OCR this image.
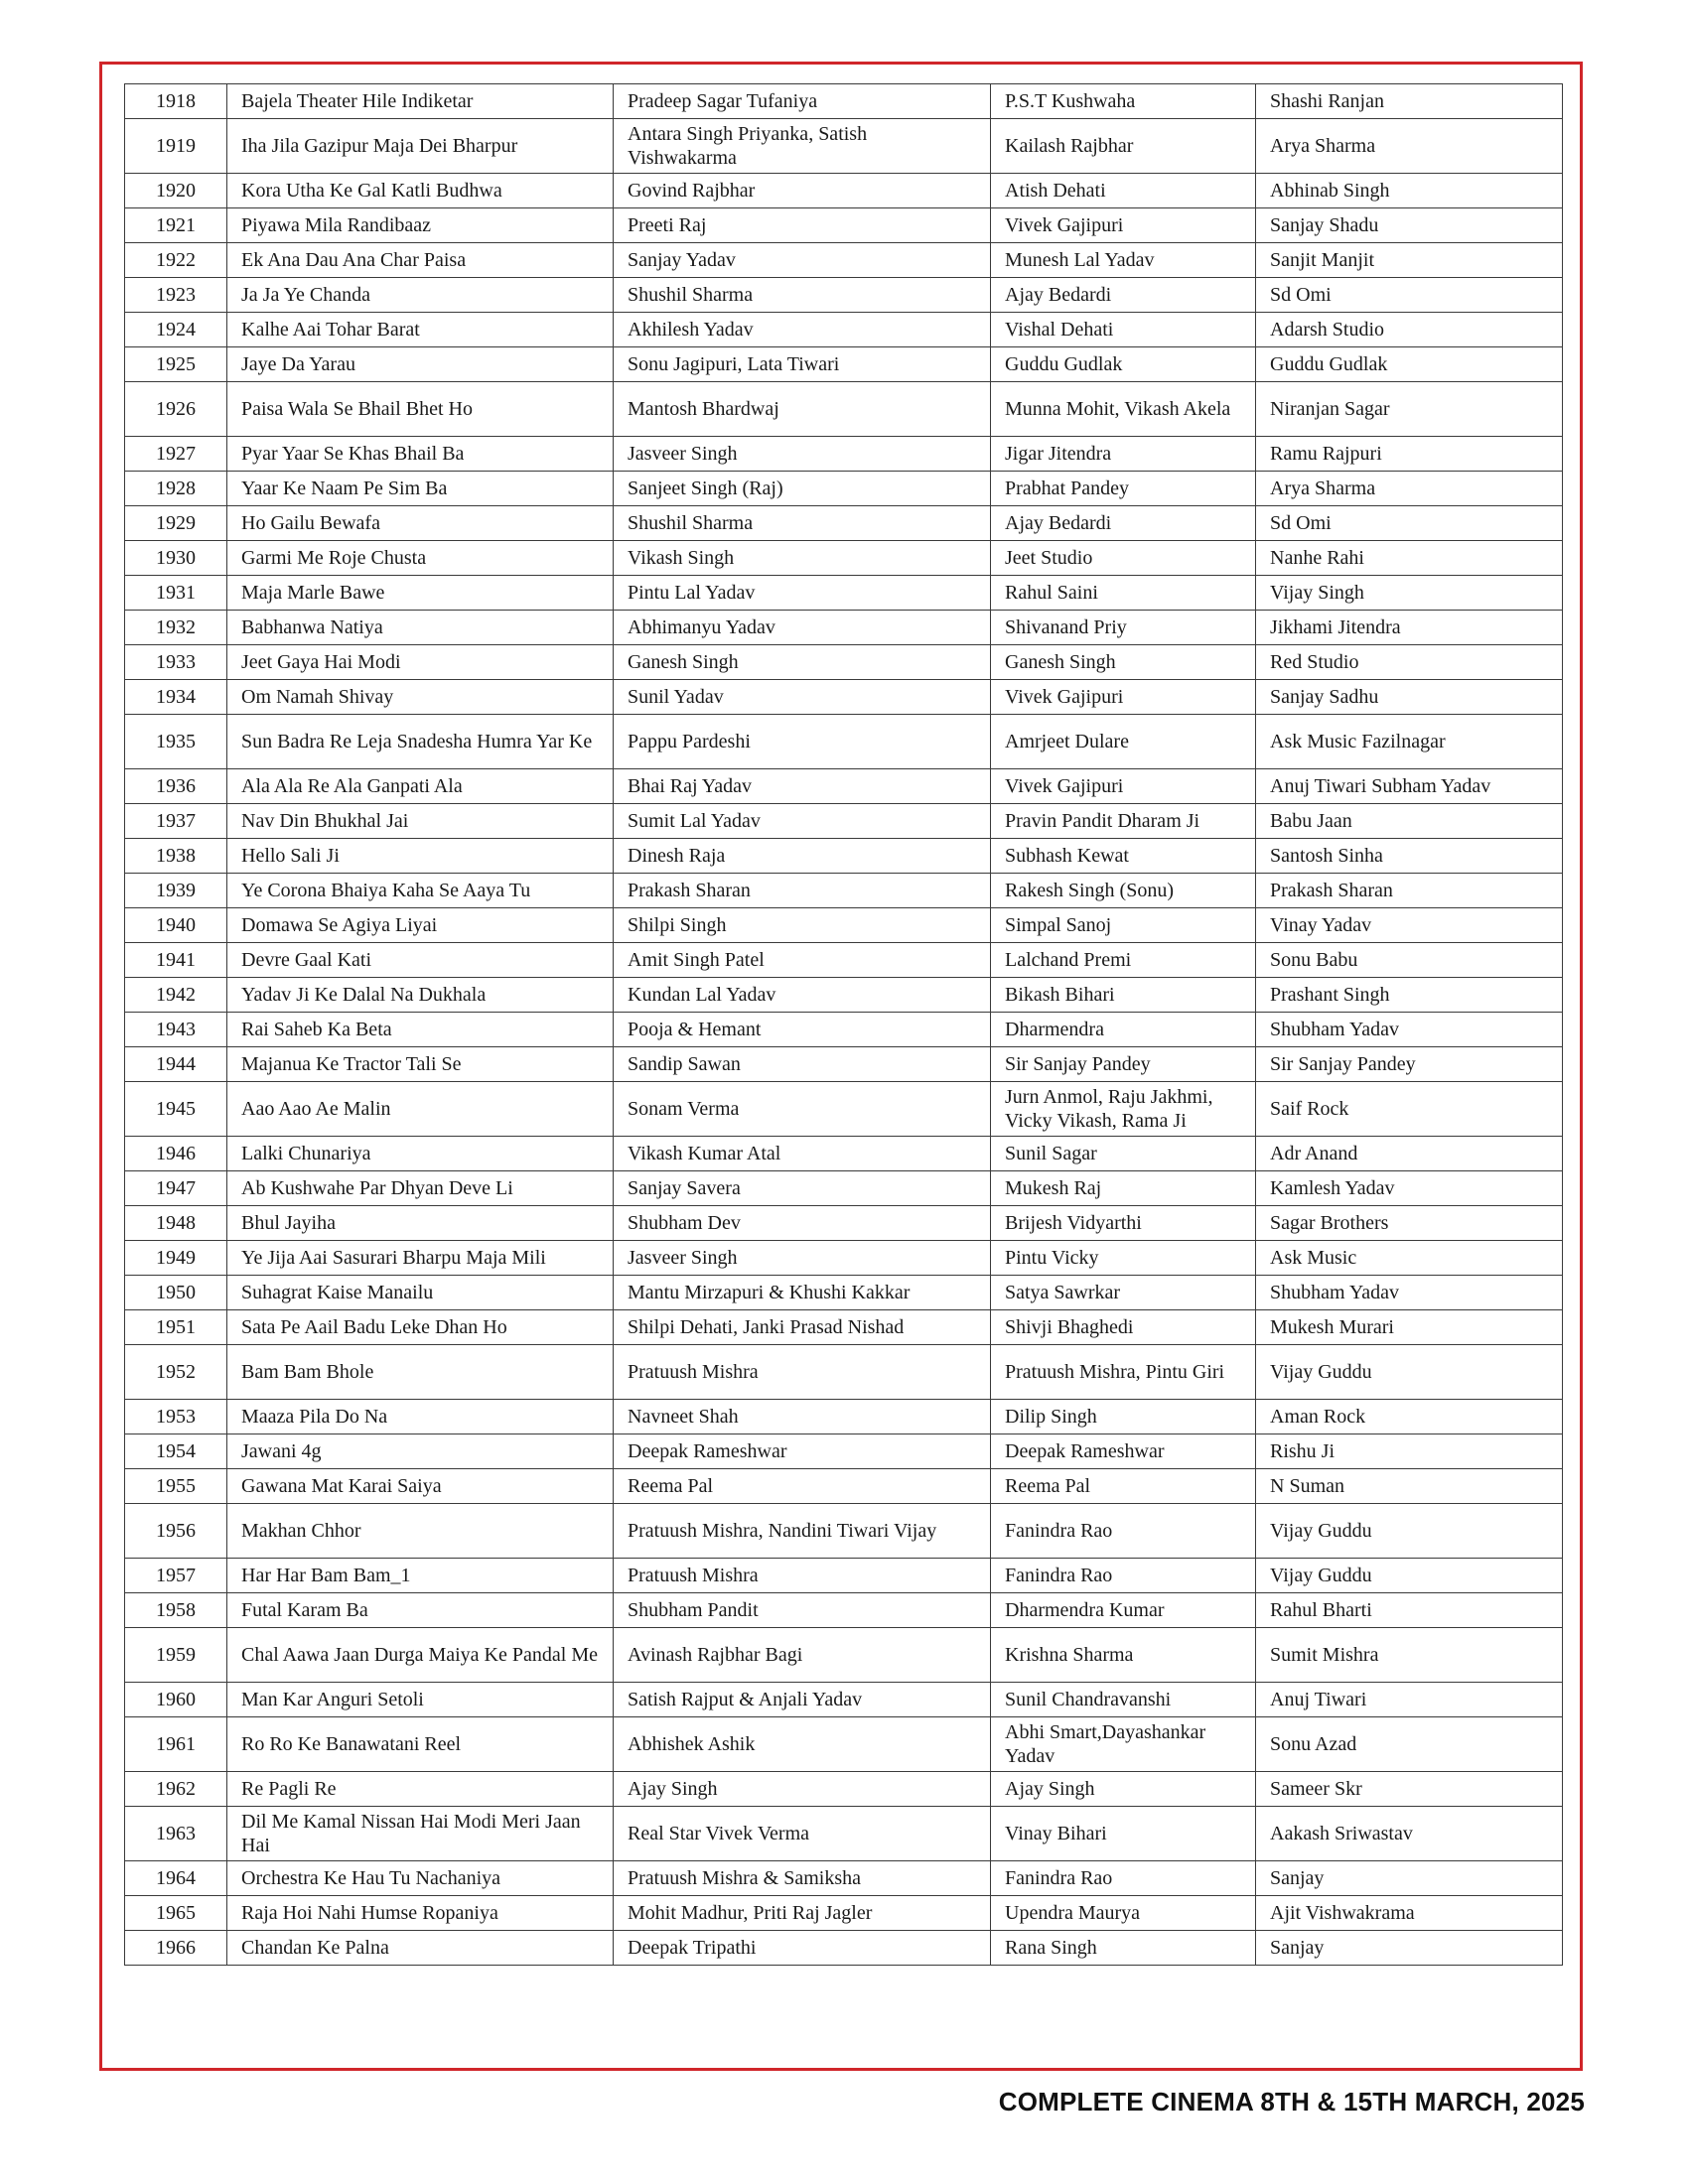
1918	Bajela Theater Hile Indiketar	Pradeep Sagar Tufaniya	P.S.T Kushwaha	Shashi Ranjan
1919	Iha Jila Gazipur Maja Dei Bharpur	Antara Singh Priyanka, Satish Vishwakarma	Kailash Rajbhar	Arya Sharma
1920	Kora Utha Ke Gal Katli Budhwa	Govind Rajbhar	Atish Dehati	Abhinab Singh
1921	Piyawa Mila Randibaaz	Preeti Raj	Vivek Gajipuri	Sanjay Shadu
1922	Ek Ana Dau Ana Char Paisa	Sanjay Yadav	Munesh Lal Yadav	Sanjit Manjit
1923	Ja Ja Ye Chanda	Shushil Sharma	Ajay Bedardi	Sd Omi
1924	Kalhe Aai Tohar Barat	Akhilesh Yadav	Vishal Dehati	Adarsh Studio
1925	Jaye Da Yarau	Sonu Jagipuri, Lata Tiwari	Guddu Gudlak	Guddu Gudlak
1926	Paisa Wala Se Bhail Bhet Ho	Mantosh Bhardwaj	Munna Mohit, Vikash Akela	Niranjan Sagar
1927	Pyar Yaar Se Khas Bhail Ba	Jasveer Singh	Jigar Jitendra	Ramu Rajpuri
1928	Yaar Ke Naam Pe Sim Ba	Sanjeet Singh (Raj)	Prabhat Pandey	Arya Sharma
1929	Ho Gailu Bewafa	Shushil Sharma	Ajay Bedardi	Sd Omi
1930	Garmi Me Roje Chusta	Vikash Singh	Jeet Studio	Nanhe Rahi
1931	Maja Marle Bawe	Pintu Lal Yadav	Rahul Saini	Vijay Singh
1932	Babhanwa Natiya	Abhimanyu Yadav	Shivanand Priy	Jikhami Jitendra
1933	Jeet Gaya Hai Modi	Ganesh Singh	Ganesh Singh	Red Studio
1934	Om Namah Shivay	Sunil Yadav	Vivek Gajipuri	Sanjay Sadhu
1935	Sun Badra Re Leja Snadesha Humra Yar Ke	Pappu Pardeshi	Amrjeet Dulare	Ask Music Fazilnagar
1936	Ala Ala Re Ala Ganpati Ala	Bhai Raj Yadav	Vivek Gajipuri	Anuj Tiwari Subham Yadav
1937	Nav Din Bhukhal Jai	Sumit Lal Yadav	Pravin Pandit Dharam Ji	Babu Jaan
1938	Hello Sali Ji	Dinesh Raja	Subhash Kewat	Santosh Sinha
1939	Ye Corona Bhaiya Kaha Se Aaya Tu	Prakash Sharan	Rakesh Singh (Sonu)	Prakash Sharan
1940	Domawa Se Agiya Liyai	Shilpi Singh	Simpal Sanoj	Vinay Yadav
1941	Devre Gaal Kati	Amit Singh Patel	Lalchand Premi	Sonu Babu
1942	Yadav Ji Ke Dalal Na Dukhala	Kundan Lal Yadav	Bikash Bihari	Prashant Singh
1943	Rai Saheb Ka Beta	Pooja & Hemant	Dharmendra	Shubham Yadav
1944	Majanua Ke Tractor Tali Se	Sandip Sawan	Sir Sanjay Pandey	Sir Sanjay Pandey
1945	Aao Aao Ae Malin	Sonam Verma	Jurn Anmol, Raju Jakhmi, Vicky Vikash, Rama Ji	Saif Rock
1946	Lalki Chunariya	Vikash Kumar Atal	Sunil Sagar	Adr Anand
1947	Ab Kushwahe Par Dhyan Deve Li	Sanjay Savera	Mukesh Raj	Kamlesh Yadav
1948	Bhul Jayiha	Shubham Dev	Brijesh Vidyarthi	Sagar Brothers
1949	Ye Jija Aai Sasurari Bharpu Maja Mili	Jasveer Singh	Pintu Vicky	Ask Music
1950	Suhagrat Kaise Manailu	Mantu Mirzapuri & Khushi Kakkar	Satya Sawrkar	Shubham Yadav
1951	Sata Pe Aail Badu Leke Dhan Ho	Shilpi Dehati, Janki Prasad Nishad	Shivji Bhaghedi	Mukesh Murari
1952	Bam Bam Bhole	Pratuush Mishra	Pratuush Mishra, Pintu Giri	Vijay Guddu
1953	Maaza Pila Do Na	Navneet Shah	Dilip Singh	Aman Rock
1954	Jawani 4g	Deepak Rameshwar	Deepak Rameshwar	Rishu Ji
1955	Gawana Mat Karai Saiya	Reema Pal	Reema Pal	N Suman
1956	Makhan Chhor	Pratuush Mishra, Nandini Tiwari Vijay	Fanindra Rao	Vijay Guddu
1957	Har Har Bam Bam_1	Pratuush Mishra	Fanindra Rao	Vijay Guddu
1958	Futal Karam Ba	Shubham Pandit	Dharmendra Kumar	Rahul Bharti
1959	Chal Aawa Jaan Durga Maiya Ke Pandal Me	Avinash Rajbhar Bagi	Krishna Sharma	Sumit Mishra
1960	Man Kar Anguri Setoli	Satish Rajput & Anjali Yadav	Sunil Chandravanshi	Anuj Tiwari
1961	Ro Ro Ke Banawatani Reel	Abhishek Ashik	Abhi Smart,Dayashankar Yadav	Sonu Azad
1962	Re Pagli Re	Ajay Singh	Ajay Singh	Sameer Skr
1963	Dil Me Kamal Nissan Hai Modi Meri Jaan Hai	Real Star Vivek Verma	Vinay Bihari	Aakash Sriwastav
1964	Orchestra Ke Hau Tu Nachaniya	Pratuush Mishra & Samiksha	Fanindra Rao	Sanjay
1965	Raja Hoi Nahi Humse Ropaniya	Mohit Madhur, Priti Raj Jagler	Upendra Maurya	Ajit Vishwakrama
1966	Chandan Ke Palna	Deepak Tripathi	Rana Singh	Sanjay
COMPLETE CINEMA 8TH & 15TH MARCH, 2025
